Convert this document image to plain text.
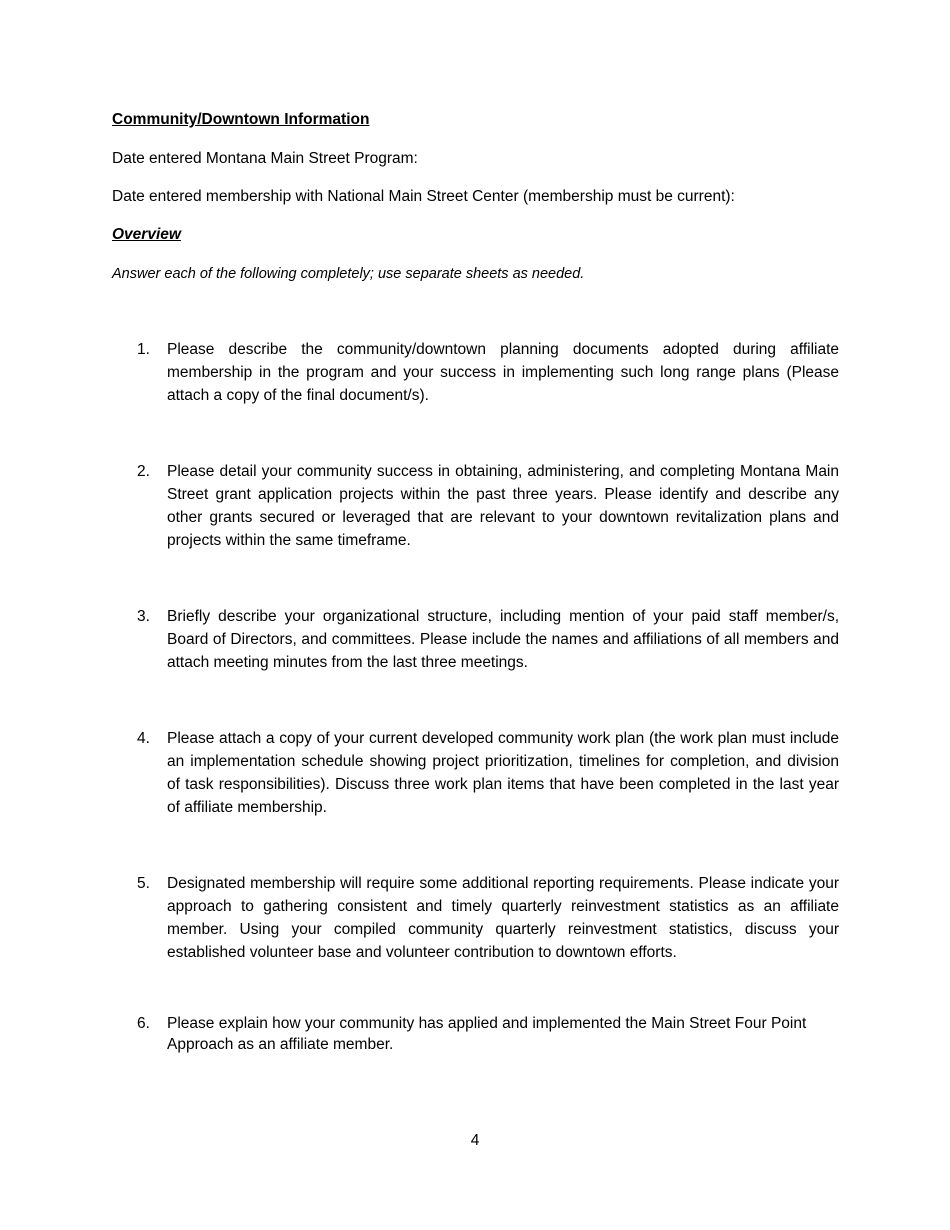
Community/Downtown Information

Date entered Montana Main Street Program:

Date entered membership with National Main Street Center (membership must be current):

Overview

Answer each of the following completely; use separate sheets as needed.

1.	Please describe the community/downtown planning documents adopted during affiliate membership in the program and your success in implementing such long range plans (Please attach a copy of the final document/s).
2.	Please detail your community success in obtaining, administering, and completing Montana Main Street grant application projects within the past three years. Please identify and describe any other grants secured or leveraged that are relevant to your downtown revitalization plans and projects within the same timeframe.
3.	Briefly describe your organizational structure, including mention of your paid staff member/s, Board of Directors, and committees. Please include the names and affiliations of all members and attach meeting minutes from the last three meetings.
4.	Please attach a copy of your current developed community work plan (the work plan must include an implementation schedule showing project prioritization, timelines for completion, and division of task responsibilities). Discuss three work plan items that have been completed in the last year of affiliate membership.
5.	Designated membership will require some additional reporting requirements. Please indicate your approach to gathering consistent and timely quarterly reinvestment statistics as an affiliate member. Using your compiled community quarterly reinvestment statistics, discuss your established volunteer base and volunteer contribution to downtown efforts.
6.	Please explain how your community has applied and implemented the Main Street Four Point Approach as an affiliate member.

4
